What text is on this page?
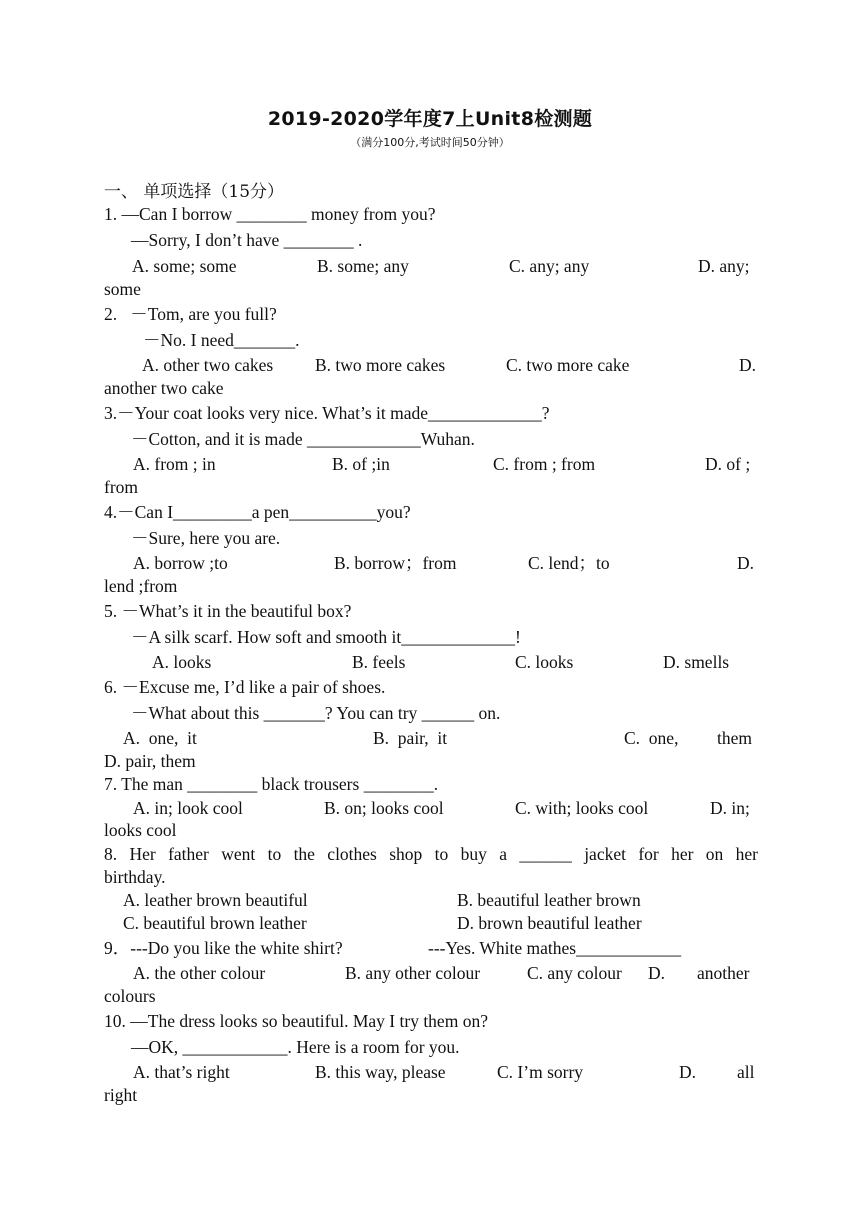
2019-2020学年度7上Unit8检测题
（满分100分,考试时间50分钟）
一、 单项选择（15分）
1. —Can I borrow ________ money from you?
—Sorry, I don’t have ________ .
A. some; some	B. some; any	C. any; any	D. any;
some
2.   －Tom, are you full?
－No. I need_______.
A. other two cakes B. two more cakes	C. two more cake	D.
another two cake
3.－Your coat looks very nice. What’s it made_____________?
－Cotton, and it is made _____________Wuhan.
A. from ; in	B. of ;in	C. from ; from	D. of ;
from
4.－Can I_________a pen__________you?
－Sure, here you are.
A. borrow ;to	B. borrow；from	C. lend；to	D.
lend ;from
5. －What’s it in the beautiful box?
－A silk scarf. How soft and smooth it_____________!
A. looks	B. feels	C. looks	D. smells
6. －Excuse me, I’d like a pair of shoes.
－What about this _______? You can try ______ on.
A.  one,  it	B.  pair,  it	C.  one, them
D. pair, them
7. The man ________ black trousers ________.
A. in; look cool	B. on; looks cool	C. with; looks cool	D. in;
looks cool
8. Her father went to the clothes shop to buy a ______ jacket for her on her
birthday.
A. leather brown beautiful	B. beautiful leather brown
C. beautiful brown leather	D. brown beautiful leather
9．---Do you like the white shirt?	---Yes. White mathes____________
A. the other colour	B. any other colour	C. any colour D. another
colours
10. —The dress looks so beautiful. May I try them on?
—OK, ____________. Here is a room for you.
A. that’s right	B. this way, please	C. I’m sorry	D. all
right
